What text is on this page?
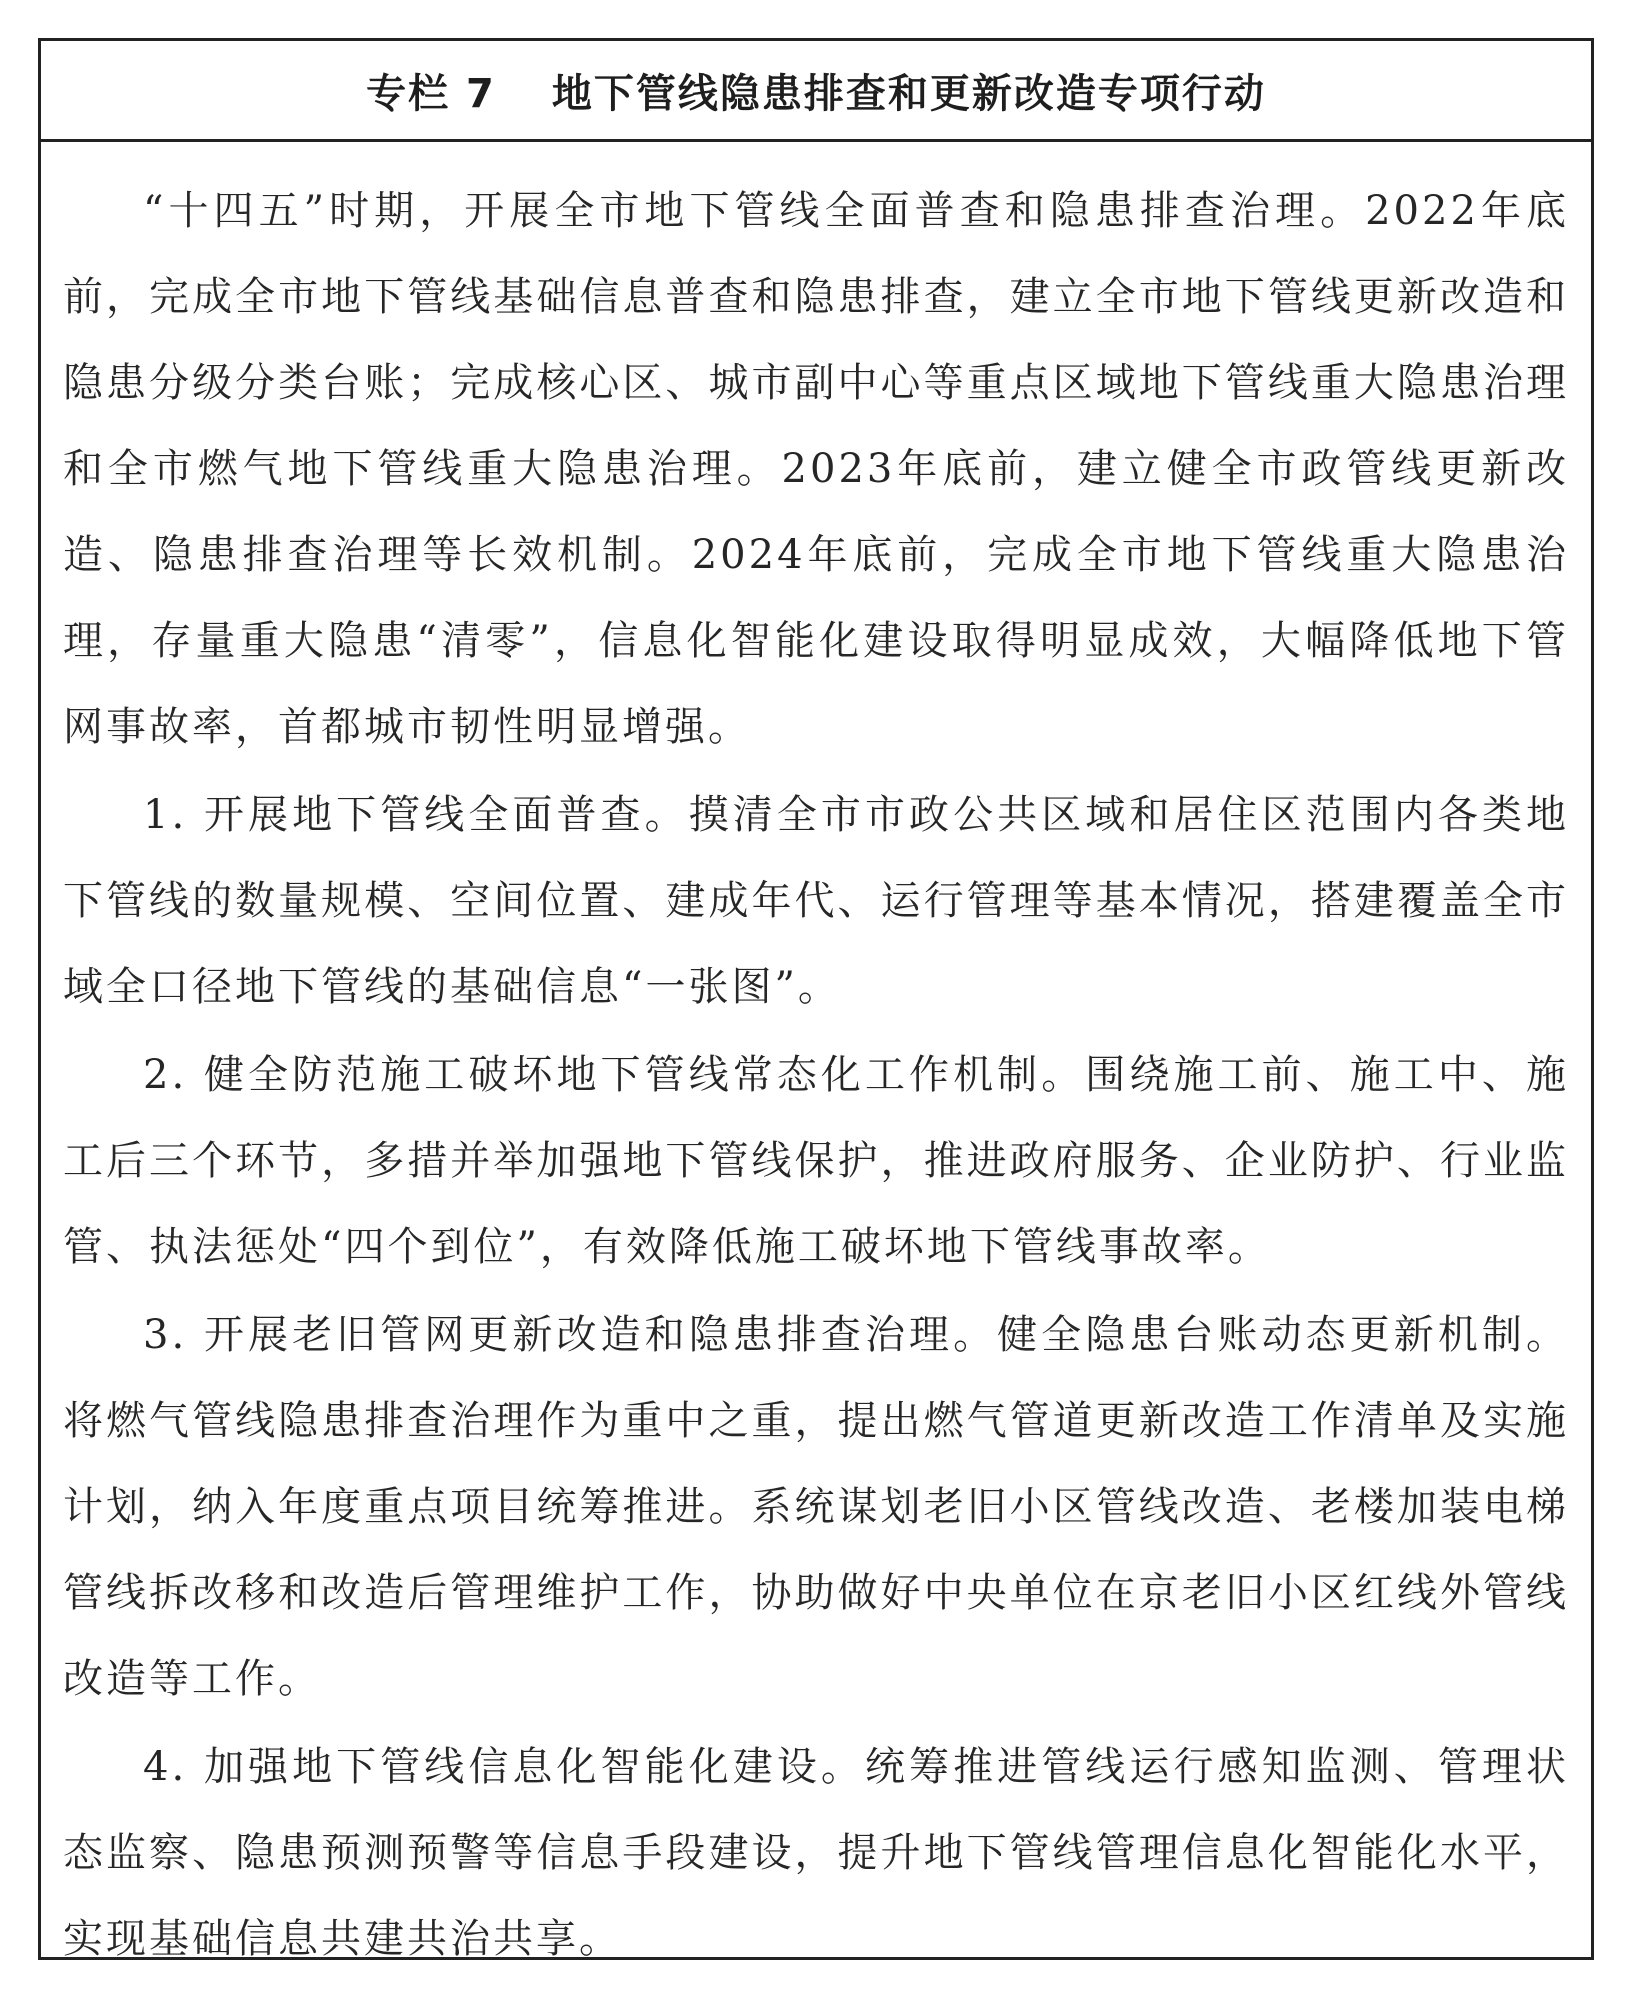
专栏 7 地下管线隐患排查和更新改造专项行动

“十四五”时期，开展全市地下管线全面普查和隐患排查治理。2022年底前，完成全市地下管线基础信息普查和隐患排查，建立全市地下管线更新改造和隐患分级分类台账；完成核心区、城市副中心等重点区域地下管线重大隐患治理和全市燃气地下管线重大隐患治理。2023年底前，建立健全市政管线更新改造、隐患排查治理等长效机制。2024年底前，完成全市地下管线重大隐患治理，存量重大隐患“清零”，信息化智能化建设取得明显成效，大幅降低地下管网事故率，首都城市韧性明显增强。

1. 开展地下管线全面普查。摸清全市市政公共区域和居住区范围内各类地下管线的数量规模、空间位置、建成年代、运行管理等基本情况，搭建覆盖全市域全口径地下管线的基础信息“一张图”。

2. 健全防范施工破坏地下管线常态化工作机制。围绕施工前、施工中、施工后三个环节，多措并举加强地下管线保护，推进政府服务、企业防护、行业监管、执法惩处“四个到位”，有效降低施工破坏地下管线事故率。

3. 开展老旧管网更新改造和隐患排查治理。健全隐患台账动态更新机制。将燃气管线隐患排查治理作为重中之重，提出燃气管道更新改造工作清单及实施计划，纳入年度重点项目统筹推进。系统谋划老旧小区管线改造、老楼加装电梯管线拆改移和改造后管理维护工作，协助做好中央单位在京老旧小区红线外管线改造等工作。

4. 加强地下管线信息化智能化建设。统筹推进管线运行感知监测、管理状态监察、隐患预测预警等信息手段建设，提升地下管线管理信息化智能化水平，实现基础信息共建共治共享。
